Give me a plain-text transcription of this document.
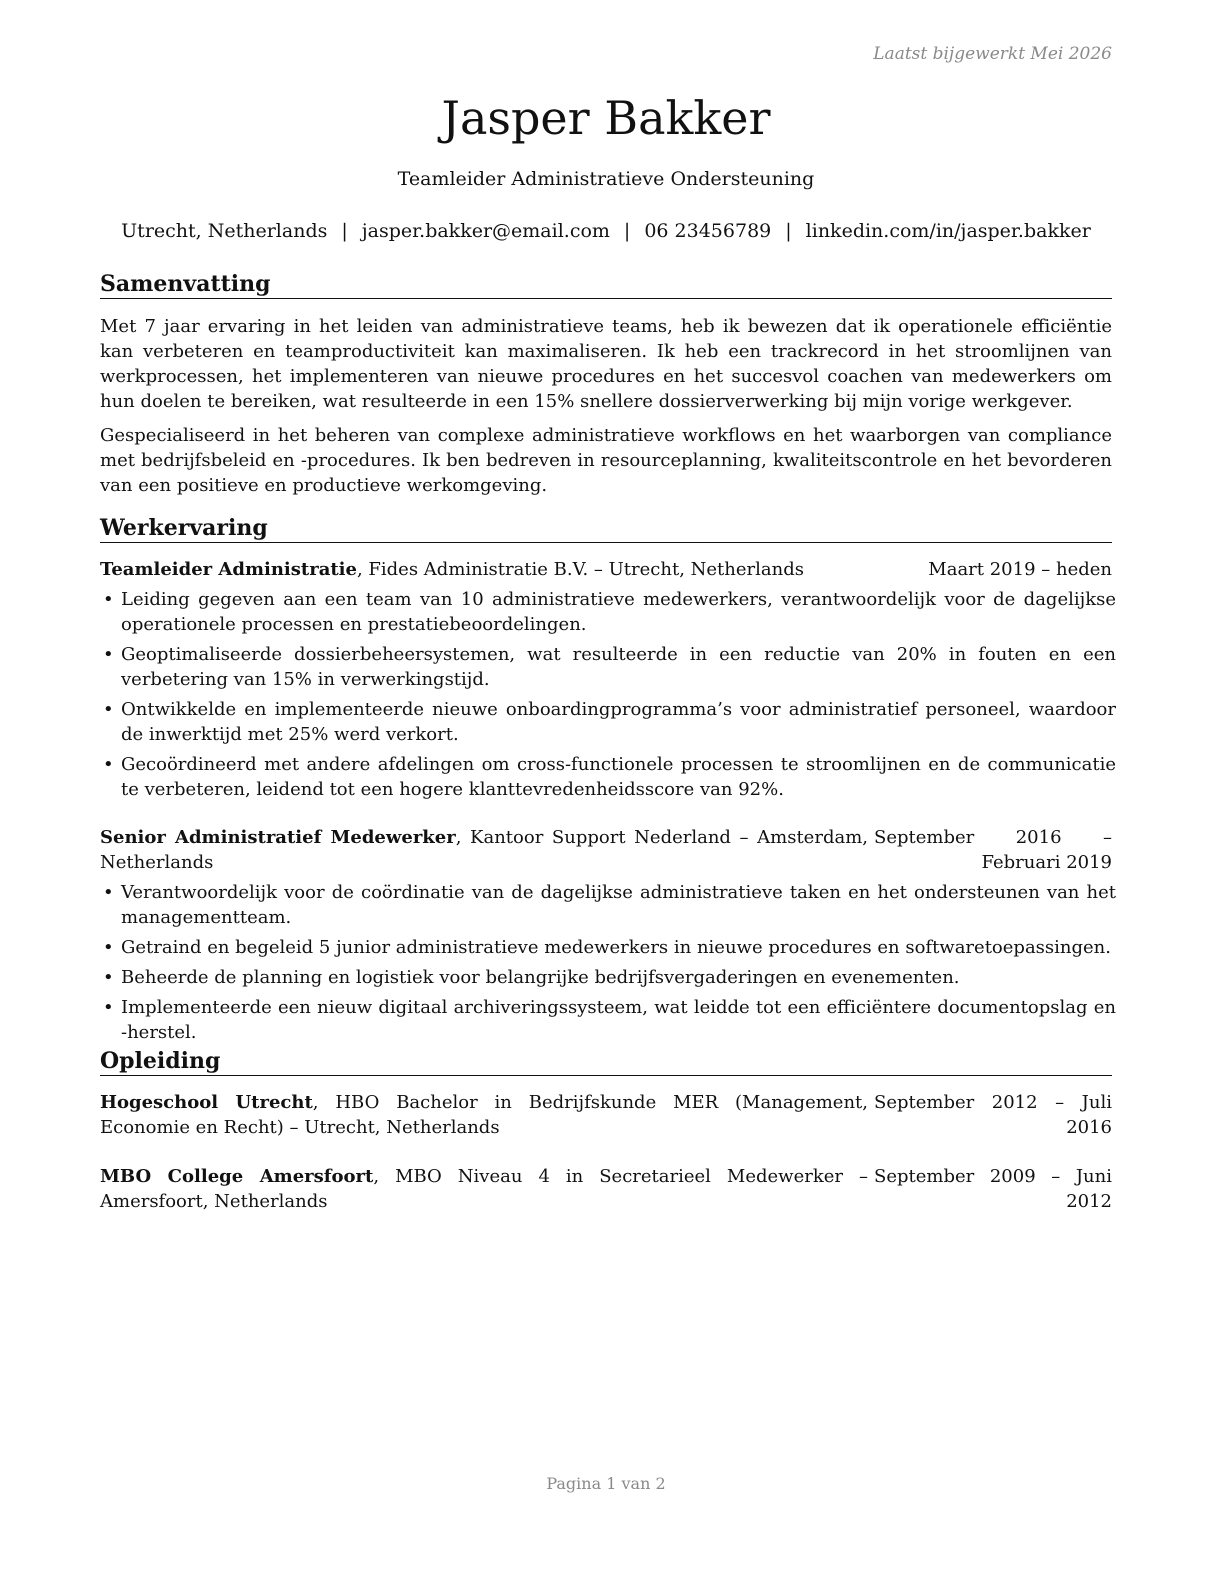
Laatst bijgewerkt Mei 2026
Jasper Bakker
Teamleider Administratieve Ondersteuning
Utrecht, Netherlands | jasper.bakker@email.com | 06 23456789 | linkedin.com/in/jasper.bakker
Samenvatting

Met 7 jaar ervaring in het leiden van administratieve teams, heb ik bewezen dat ik operationele efficiëntie kan verbeteren en teamproductiviteit kan maximaliseren. Ik heb een trackrecord in het stroomlijnen van werkprocessen, het implementeren van nieuwe procedures en het succesvol coachen van medewerkers om hun doelen te bereiken, wat resulteerde in een 15% snellere dossierverwerking bij mijn vorige werkgever.

Gespecialiseerd in het beheren van complexe administratieve workflows en het waarborgen van compliance met bedrijfsbeleid en -procedures. Ik ben bedreven in resourceplanning, kwaliteitscontrole en het bevorderen van een positieve en productieve werkomgeving.

Werkervaring
Teamleider Administratie, Fides Administratie B.V. – Utrecht, Netherlands	Maart 2019 – heden
• Leiding gegeven aan een team van 10 administratieve medewerkers, verantwoordelijk voor de dagelijkse operationele processen en prestatiebeoordelingen.
• Geoptimaliseerde dossierbeheersystemen, wat resulteerde in een reductie van 20% in fouten en een verbetering van 15% in verwerkingstijd.
• Ontwikkelde en implementeerde nieuwe onboardingprogramma’s voor administratief personeel, waardoor de inwerktijd met 25% werd verkort.
• Gecoördineerd met andere afdelingen om cross-functionele processen te stroomlijnen en de communicatie te verbeteren, leidend tot een hogere klanttevredenheidsscore van 92%.
Senior Administratief Medewerker, Kantoor Support Nederland – Amsterdam, Netherlands
September 2016 – Februari 2019
• Verantwoordelijk voor de coördinatie van de dagelijkse administratieve taken en het ondersteunen van het managementteam.
• Getraind en begeleid 5 junior administratieve medewerkers in nieuwe procedures en softwaretoepassingen.
• Beheerde de planning en logistiek voor belangrijke bedrijfsvergaderingen en evenementen.
• Implementeerde een nieuw digitaal archiveringssysteem, wat leidde tot een efficiëntere documentopslag en -herstel.
Opleiding
Hogeschool Utrecht, HBO Bachelor in Bedrijfskunde MER (Management, Economie en Recht) – Utrecht, Netherlands
September 2012 – Juli 2016
MBO College Amersfoort, MBO Niveau 4 in Secretarieel Medewerker – Amersfoort, Netherlands
September 2009 – Juni 2012
Pagina 1 van 2
